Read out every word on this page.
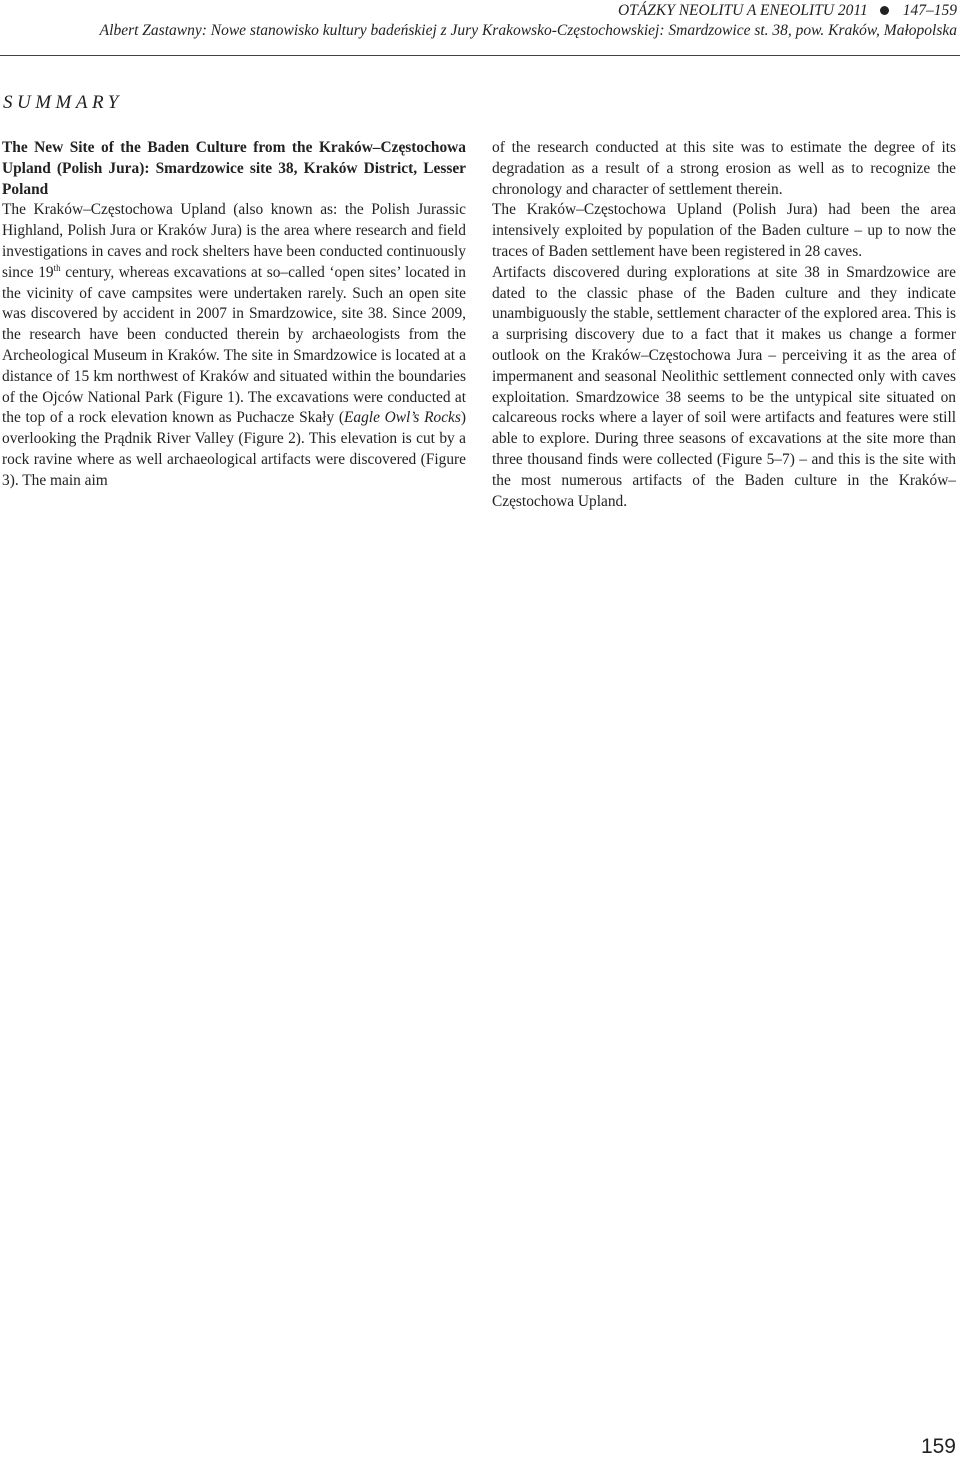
OTÁZKY NEOLITU A ENEOLITU 2011 147–159
Albert Zastawny: Nowe stanowisko kultury badeńskiej z Jury Krakowsko-Częstochowskiej: Smardzowice st. 38, pow. Kraków, Małopolska
SUMMARY

The New Site of the Baden Culture from the Kraków–Częstochowa Upland (Polish Jura): Smardzowice site 38, Kraków District, Lesser Poland

The Kraków–Częstochowa Upland (also known as: the Polish Jurassic Highland, Polish Jura or Kraków Jura) is the area where research and field investigations in caves and rock shelters have been conducted continuously since 19th century, whereas excavations at so–called ‘open sites’ located in the vicinity of cave campsites were undertaken rarely. Such an open site was discovered by accident in 2007 in Smardzowice, site 38. Since 2009, the research have been conducted therein by archaeologists from the Archeological Museum in Kraków. The site in Smardzowice is located at a distance of 15 km northwest of Kraków and situated within the boundaries of the Ojców National Park (Figure 1). The excavations were conducted at the top of a rock elevation known as Puchacze Skały (Eagle Owl’s Rocks) overlooking the Prądnik River Valley (Figure 2). This elevation is cut by a rock ravine where as well archaeological artifacts were discovered (Figure 3). The main aim

of the research conducted at this site was to estimate the degree of its degradation as a result of a strong erosion as well as to recognize the chronology and character of settlement therein.

The Kraków–Częstochowa Upland (Polish Jura) had been the area intensively exploited by population of the Baden culture – up to now the traces of Baden settlement have been registered in 28 caves.

Artifacts discovered during explorations at site 38 in Smardzowice are dated to the classic phase of the Baden culture and they indicate unambiguously the stable, settlement character of the explored area. This is a surprising discovery due to a fact that it makes us change a former outlook on the Kraków–Częstochowa Jura – perceiving it as the area of impermanent and seasonal Neolithic settlement connected only with caves exploitation. Smardzowice 38 seems to be the untypical site situated on calcareous rocks where a layer of soil were artifacts and features were still able to explore. During three seasons of excavations at the site more than three thousand finds were collected (Figure 5–7) – and this is the site with the most numerous artifacts of the Baden culture in the Kraków–Częstochowa Upland.

159
